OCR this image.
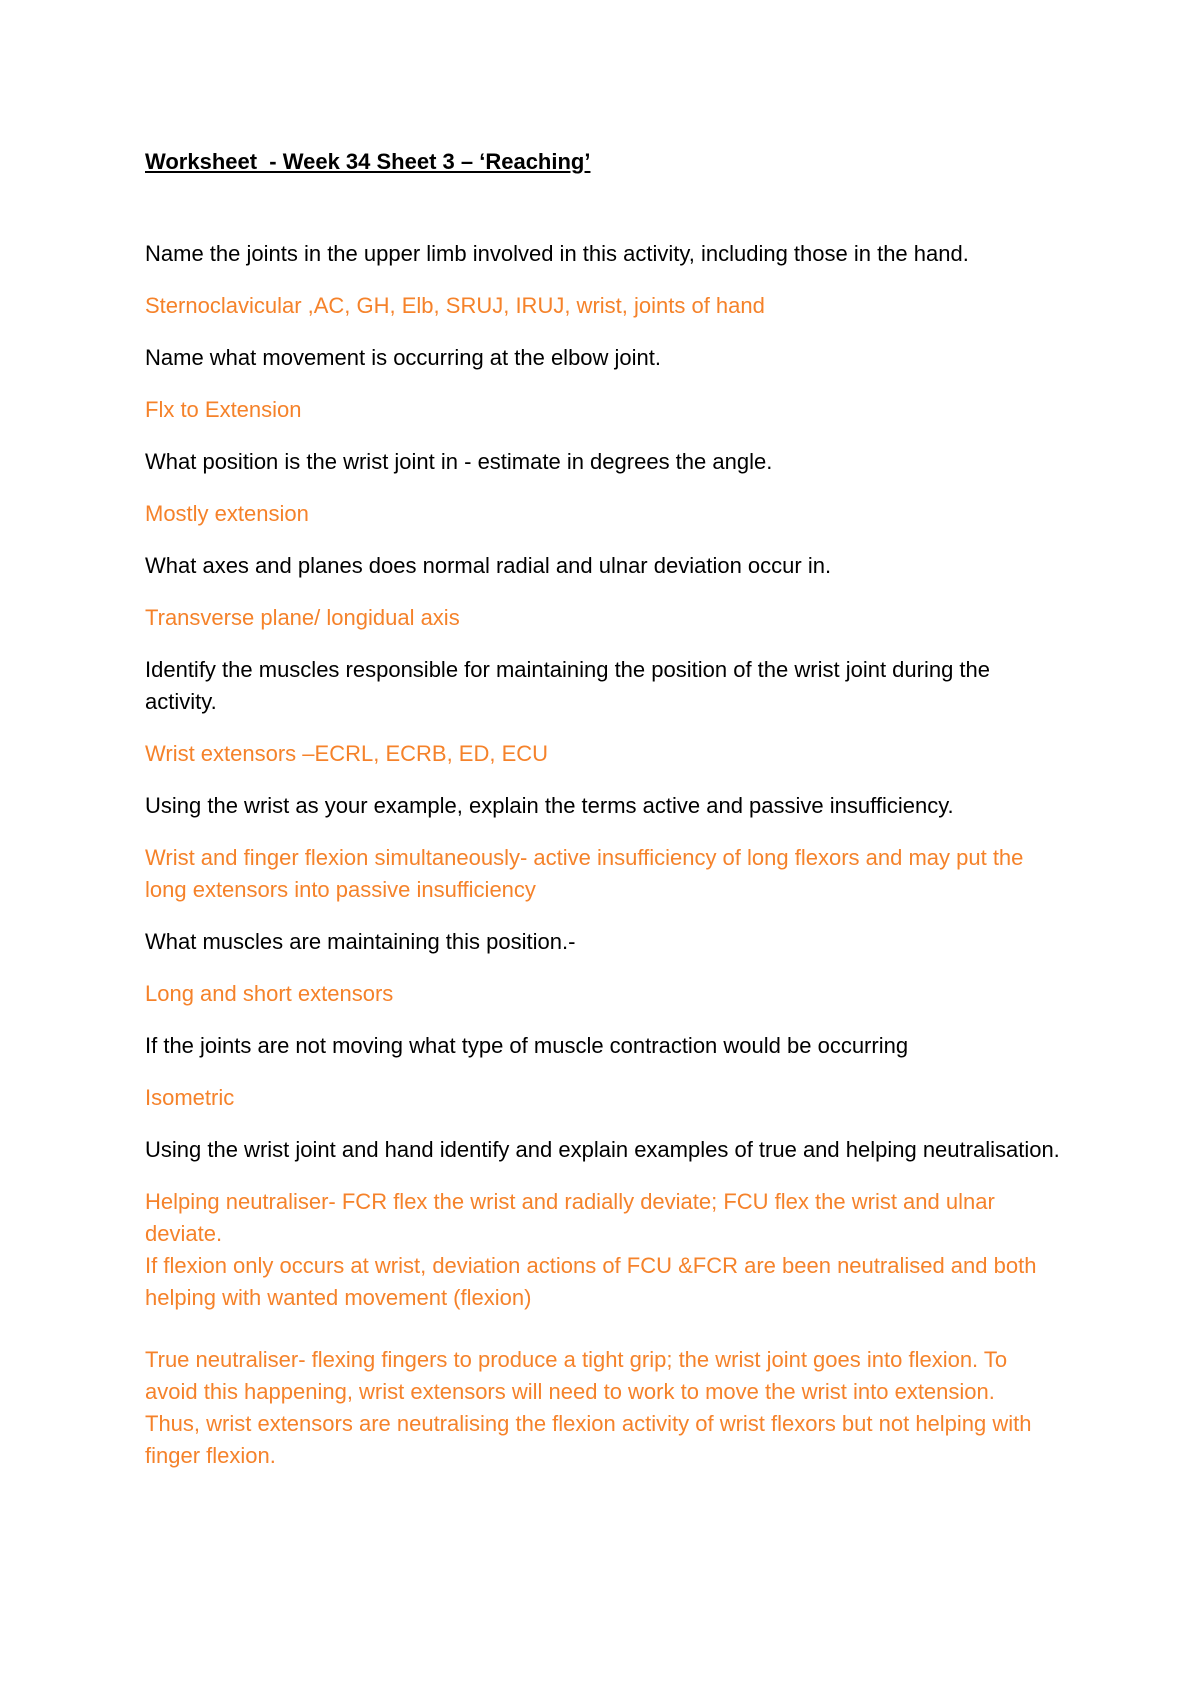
Worksheet  - Week 34 Sheet 3 – ‘Reaching’

Name the joints in the upper limb involved in this activity, including those in the hand.

Sternoclavicular ,AC, GH, Elb, SRUJ, IRUJ, wrist, joints of hand

Name what movement is occurring at the elbow joint.

Flx to Extension

What position is the wrist joint in - estimate in degrees the angle.

Mostly extension

What axes and planes does normal radial and ulnar deviation occur in.

Transverse plane/ longidual axis

Identify the muscles responsible for maintaining the position of the wrist joint during the activity.

Wrist extensors –ECRL, ECRB, ED, ECU

Using the wrist as your example, explain the terms active and passive insufficiency.

Wrist and finger flexion simultaneously- active insufficiency of long flexors and may put the long extensors into passive insufficiency

What muscles are maintaining this position.-

Long and short extensors

If the joints are not moving what type of muscle contraction would be occurring

Isometric

Using the wrist joint and hand identify and explain examples of true and helping neutralisation.

Helping neutraliser- FCR flex the wrist and radially deviate; FCU flex the wrist and ulnar deviate.
If flexion only occurs at wrist, deviation actions of FCU &FCR are been neutralised and both helping with wanted movement (flexion)

True neutraliser- flexing fingers to produce a tight grip; the wrist joint goes into flexion. To avoid this happening, wrist extensors will need to work to move the wrist into extension.
Thus, wrist extensors are neutralising the flexion activity of wrist flexors but not helping with finger flexion.
